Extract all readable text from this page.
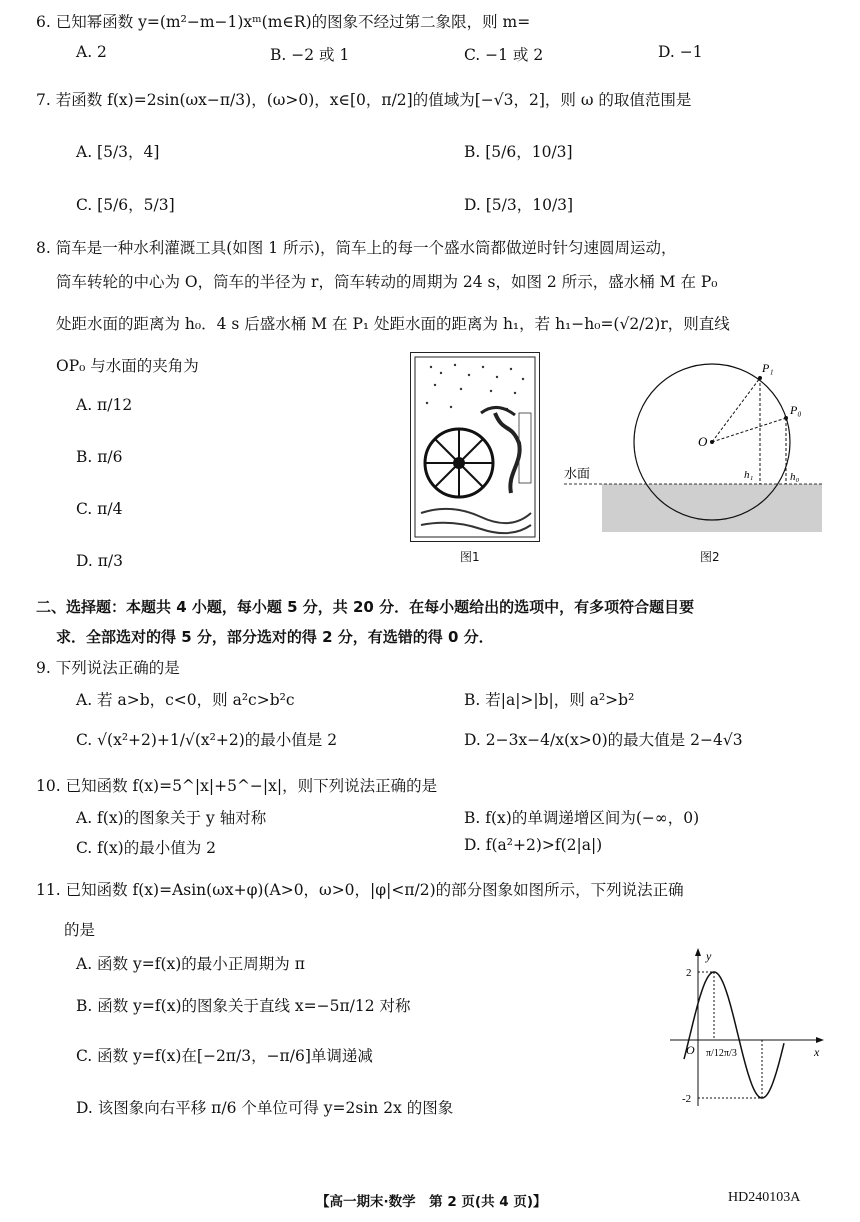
6. 已知幂函数 y=(m²−m−1)xᵐ(m∈R)的图象不经过第二象限，则 m=
A. 2	B. −2 或 1	C. −1 或 2	D. −1
7. 若函数 f(x)=2sin(ωx−π/3)，(ω>0)，x∈[0，π/2]的值域为[−√3，2]，则 ω 的取值范围是
A. [5/3，4]	B. [5/6，10/3]
C. [5/6，5/3]	D. [5/3，10/3]
8. 筒车是一种水利灌溉工具(如图 1 所示)，筒车上的每一个盛水筒都做逆时针匀速圆周运动，
筒车转轮的中心为 O，筒车的半径为 r，筒车转动的周期为 24 s，如图 2 所示，盛水桶 M 在 P₀
处距水面的距离为 h₀．4 s 后盛水桶 M 在 P₁ 处距水面的距离为 h₁，若 h₁−h₀=(√2/2)r，则直线
OP₀ 与水面的夹角为
A. π/12
B. π/6
C. π/4
D. π/3	图1
O
P₁
P₀
h₁	h₀
水面
图2
二、选择题：本题共 4 小题，每小题 5 分，共 20 分．在每小题给出的选项中，有多项符合题目要
求．全部选对的得 5 分，部分选对的得 2 分，有选错的得 0 分．
9. 下列说法正确的是
A. 若 a>b，c<0，则 a²c>b²c	B. 若|a|>|b|，则 a²>b²
C. √(x²+2)+1/√(x²+2)的最小值是 2	D. 2−3x−4/x(x>0)的最大值是 2−4√3
10. 已知函数 f(x)=5^|x|+5^−|x|，则下列说法正确的是
A. f(x)的图象关于 y 轴对称	B. f(x)的单调递增区间为(−∞，0)
C. f(x)的最小值为 2	D. f(a²+2)>f(2|a|)
11. 已知函数 f(x)=Asin(ωx+φ)(A>0，ω>0，|φ|<π/2)的部分图象如图所示，下列说法正确
的是
A. 函数 y=f(x)的最小正周期为 π
B. 函数 y=f(x)的图象关于直线 x=−5π/12 对称
C. 函数 y=f(x)在[−2π/3，−π/6]单调递减
D. 该图象向右平移 π/6 个单位可得 y=2sin 2x 的图象
y
x
O
2
-2
π/12 π/3
【高一期末·数学　第 2 页(共 4 页)】	HD240103A
